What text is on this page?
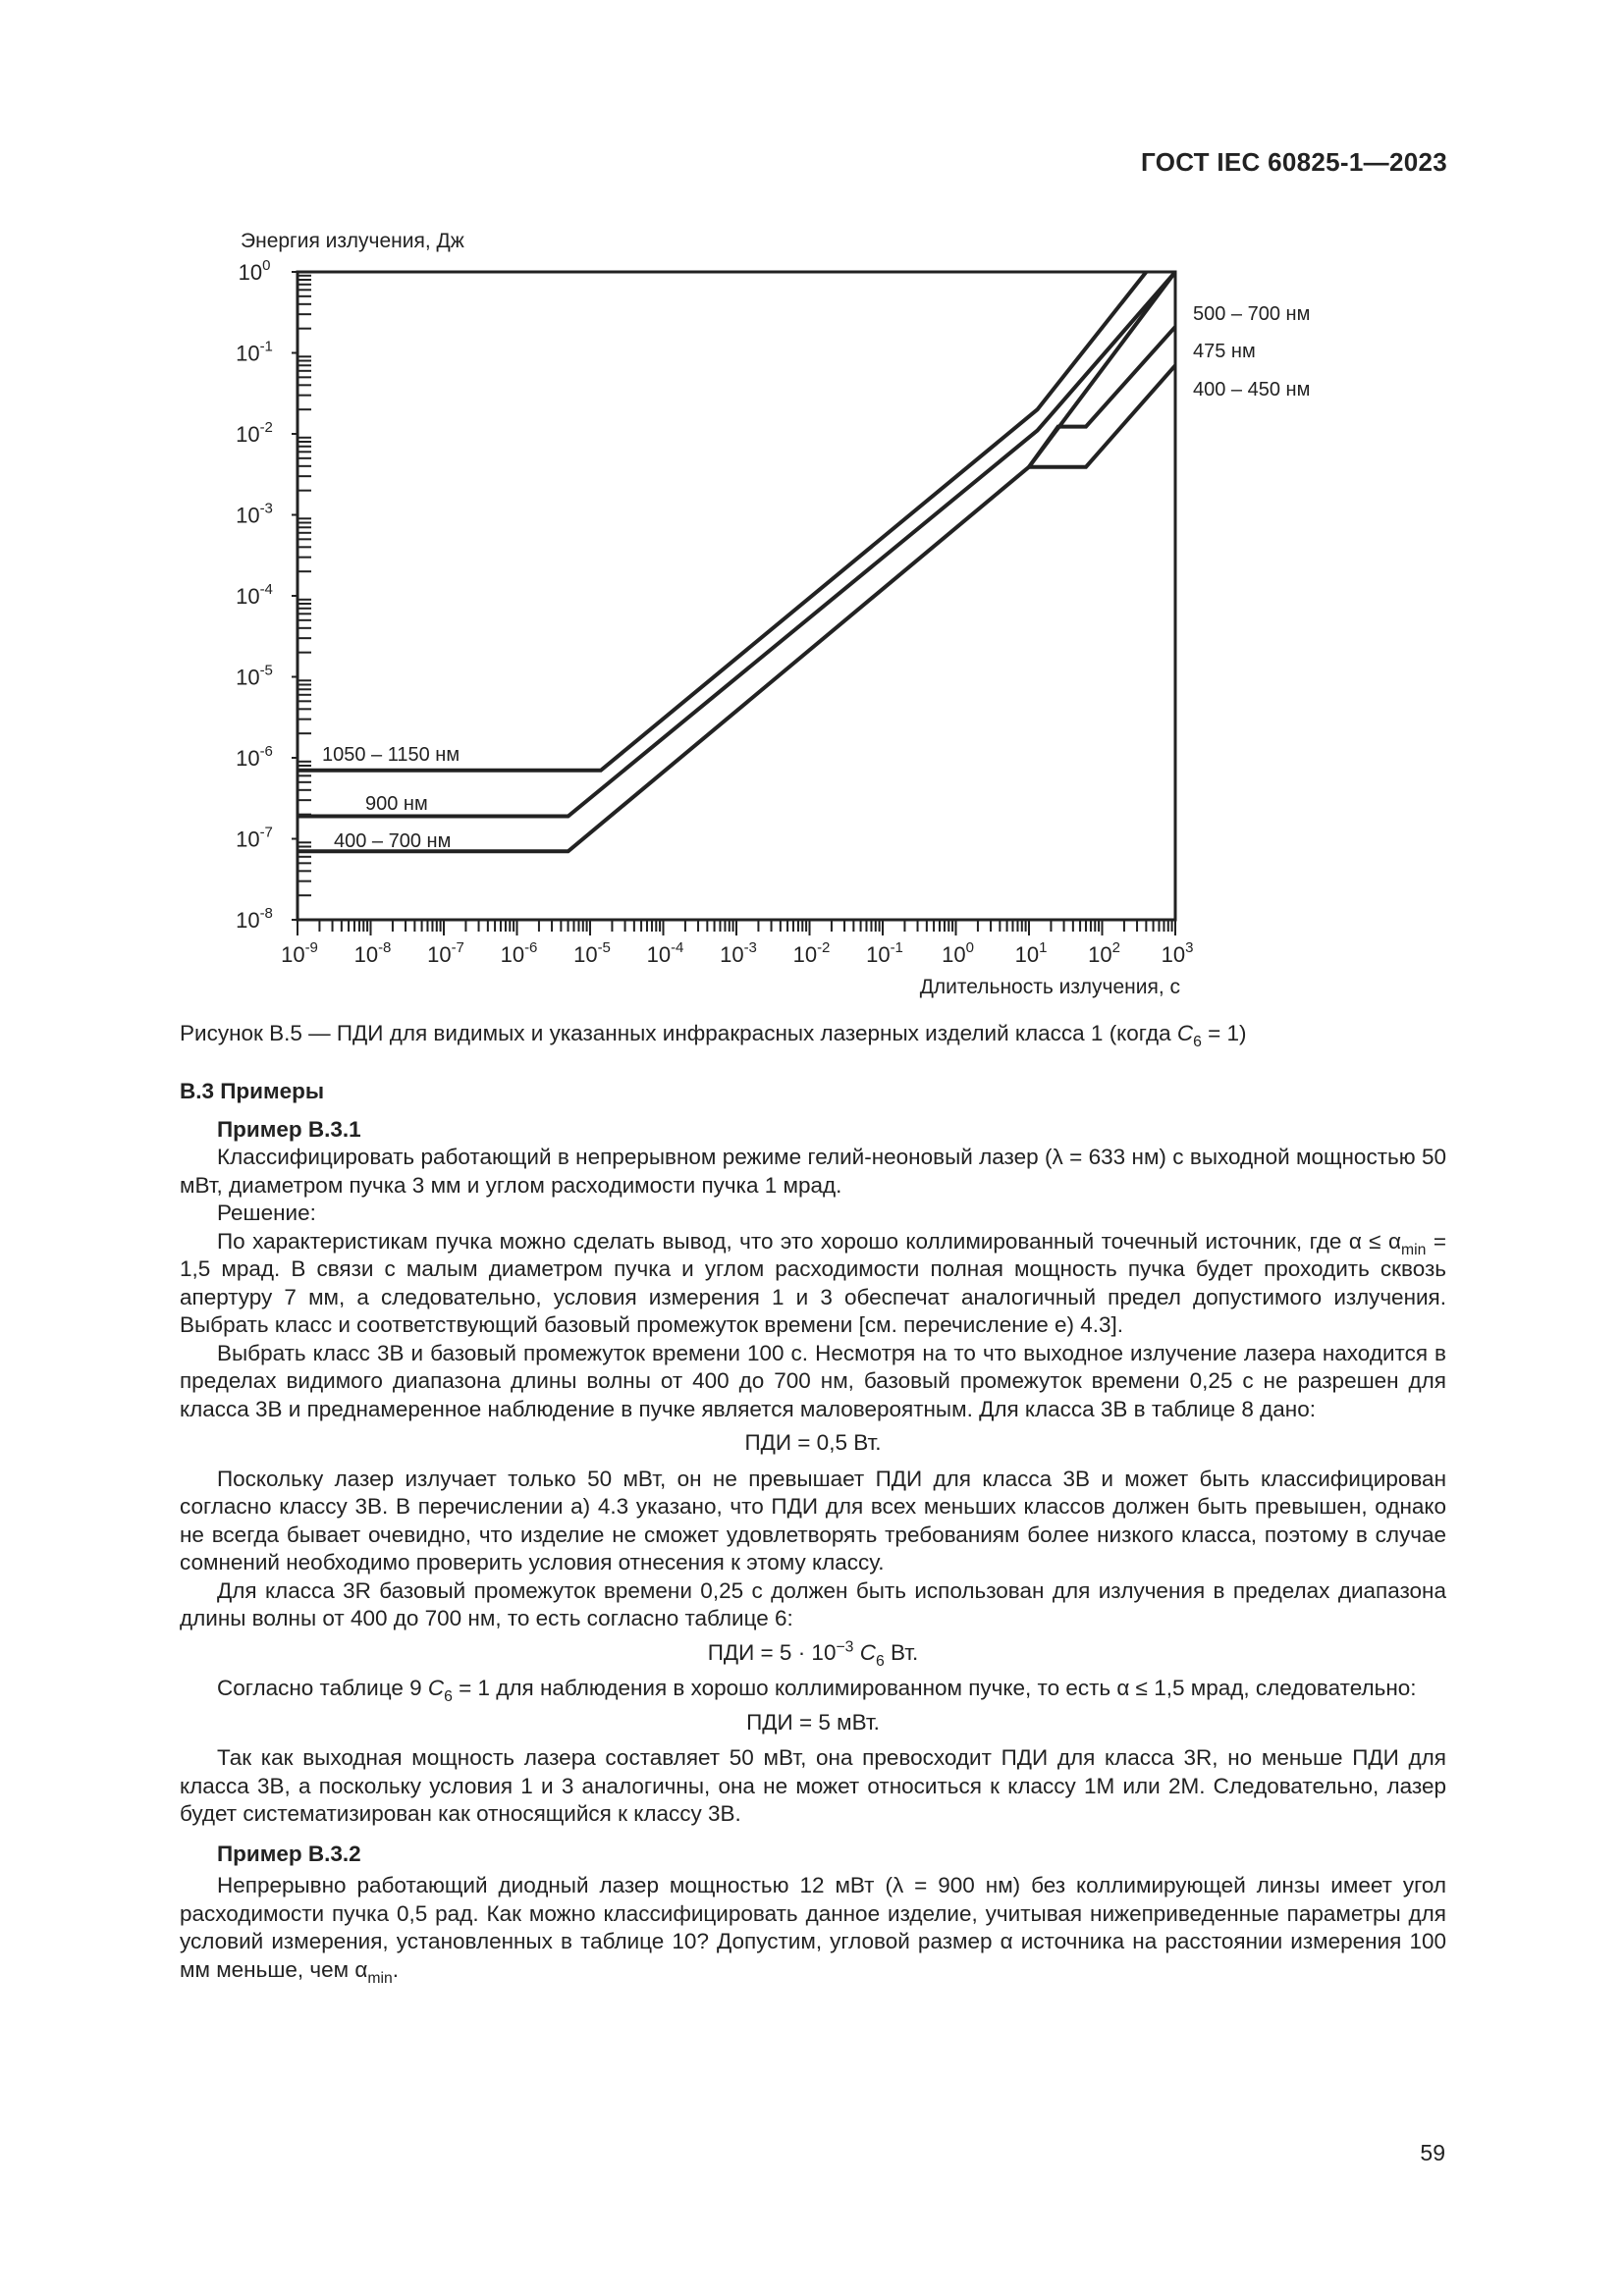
ГОСТ IEC 60825-1—2023
$10^0$
$10^{-1}$
$10^{-2}$
$10^{-3}$
$10^{-4}$
$10^{-5}$
$10^{-6}$
$10^{-7}$
$10^{-8}$
$10^{-9}$ $10^{-8}$ $10^{-7}$ $10^{-6}$ $10^{-5}$ $10^{-4}$ $10^{-3}$ $10^{-2}$ $10^{-1}$ $10^0$ $10^1$ $10^2$ $10^3$
Энергия излучения, Дж
Длительность излучения, с
1050 – 1150 нм
900 нм
400 – 700 нм
500 – 700 нм
475 нм
400 – 450 нм
Рисунок В.5 — ПДИ для видимых и указанных инфракрасных лазерных изделий класса 1 (когда $C_6 = 1$)
В.3 Примеры
Пример В.3.1

Классифицировать работающий в непрерывном режиме гелий-неоновый лазер (λ = 633 нм) с выходной мощностью 50 мВт, диаметром пучка 3 мм и углом расходимости пучка 1 мрад.

Решение:

По характеристикам пучка можно сделать вывод, что это хорошо коллимированный точечный источник, где $\alpha \le \alpha_{min} = 1,5$ мрад. В связи с малым диаметром пучка и углом расходимости полная мощность пучка будет проходить сквозь апертуру 7 мм, а следовательно, условия измерения 1 и 3 обеспечат аналогичный предел допустимого излучения. Выбрать класс и соответствующий базовый промежуток времени [см. перечисление е) 4.3].

Выбрать класс 3В и базовый промежуток времени 100 с. Несмотря на то что выходное излучение лазера находится в пределах видимого диапазона длины волны от 400 до 700 нм, базовый промежуток времени 0,25 с не разрешен для класса 3В и преднамеренное наблюдение в пучке является маловероятным. Для класса 3В в таблице 8 дано:

ПДИ = 0,5 Вт.

Поскольку лазер излучает только 50 мВт, он не превышает ПДИ для класса 3В и может быть классифицирован согласно классу 3В. В перечислении а) 4.3 указано, что ПДИ для всех меньших классов должен быть превышен, однако не всегда бывает очевидно, что изделие не сможет удовлетворять требованиям более низкого класса, поэтому в случае сомнений необходимо проверить условия отнесения к этому классу.

Для класса 3R базовый промежуток времени 0,25 с должен быть использован для излучения в пределах диапазона длины волны от 400 до 700 нм, то есть согласно таблице 6:

ПДИ = $5 \cdot 10^{-3}$ $C_6$ Вт.

Согласно таблице 9 $C_6 = 1$ для наблюдения в хорошо коллимированном пучке, то есть α ≤ 1,5 мрад, следовательно:

ПДИ = 5 мВт.

Так как выходная мощность лазера составляет 50 мВт, она превосходит ПДИ для класса 3R, но меньше ПДИ для класса 3В, а поскольку условия 1 и 3 аналогичны, она не может относиться к классу 1М или 2М. Следовательно, лазер будет систематизирован как относящийся к классу 3В.

Пример В.3.2

Непрерывно работающий диодный лазер мощностью 12 мВт (λ = 900 нм) без коллимирующей линзы имеет угол расходимости пучка 0,5 рад. Как можно классифицировать данное изделие, учитывая нижеприведенные параметры для условий измерения, установленных в таблице 10? Допустим, угловой размер α источника на расстоянии измерения 100 мм меньше, чем $\alpha_{min}$.

59
